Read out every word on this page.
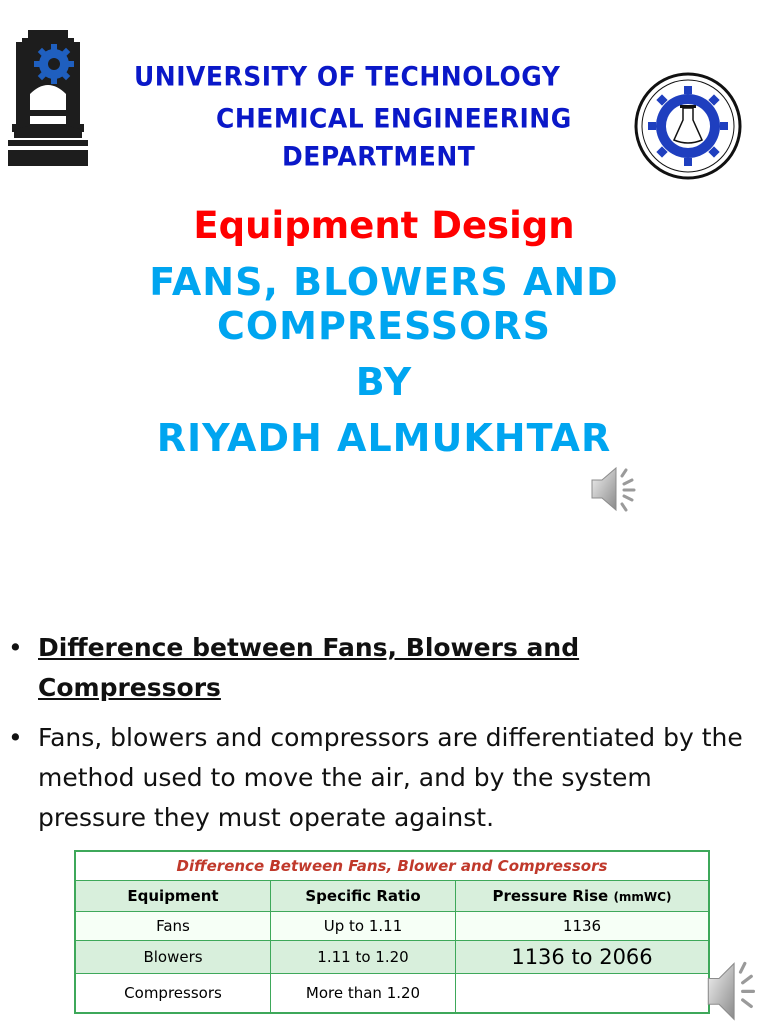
UNIVERSITY OF TECHNOLOGY
CHEMICAL ENGINEERING
DEPARTMENT
Equipment Design
FANS, BLOWERS AND
COMPRESSORS
BY
RIYADH ALMUKHTAR
• Difference between Fans, Blowers and Compressors
• Fans, blowers and compressors are differentiated by the method used to move the air, and by the system pressure they must operate against.
Difference Between Fans, Blower and Compressors		
Equipment	Specific Ratio	Pressure Rise (mmWC)
Fans	Up to 1.11	1136
Blowers	1.11 to 1.20	1136 to 2066
Compressors	More than 1.20	
